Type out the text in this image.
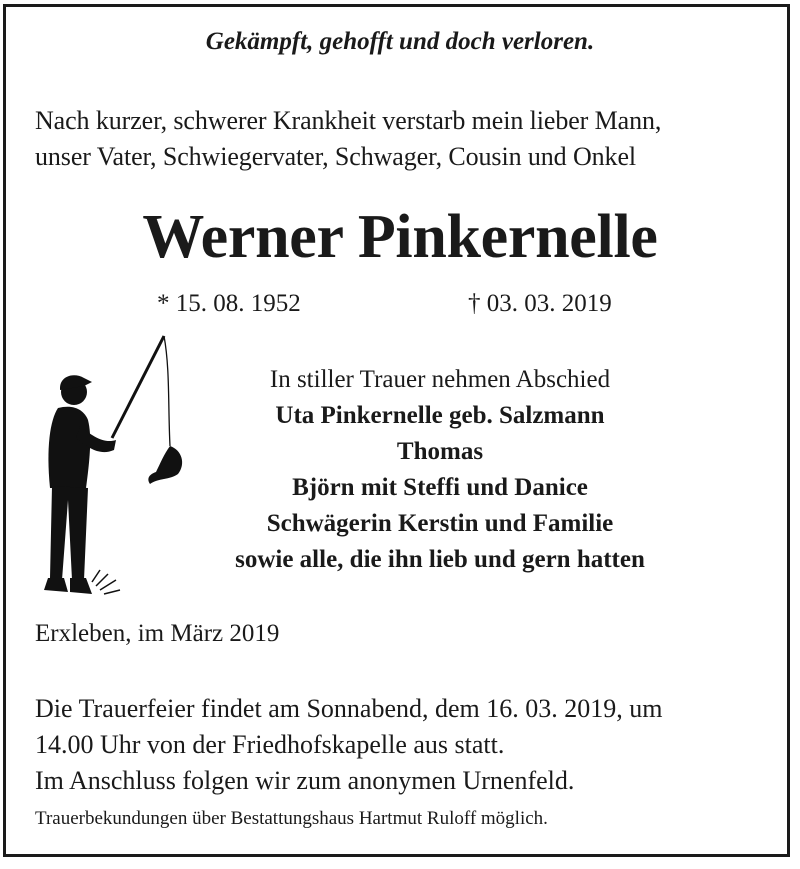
Gekämpft, gehofft und doch verloren.
Nach kurzer, schwerer Krankheit verstarb mein lieber Mann,
unser Vater, Schwiegervater, Schwager, Cousin und Onkel
Werner Pinkernelle
* 15. 08. 1952	† 03. 03. 2019
In stiller Trauer nehmen Abschied
Uta Pinkernelle geb. Salzmann
Thomas
Björn mit Steffi und Danice
Schwägerin Kerstin und Familie
sowie alle, die ihn lieb und gern hatten
Erxleben, im März 2019
Die Trauerfeier findet am Sonnabend, dem 16. 03. 2019, um
14.00 Uhr von der Friedhofskapelle aus statt.
Im Anschluss folgen wir zum anonymen Urnenfeld.
Trauerbekundungen über Bestattungshaus Hartmut Ruloff möglich.
